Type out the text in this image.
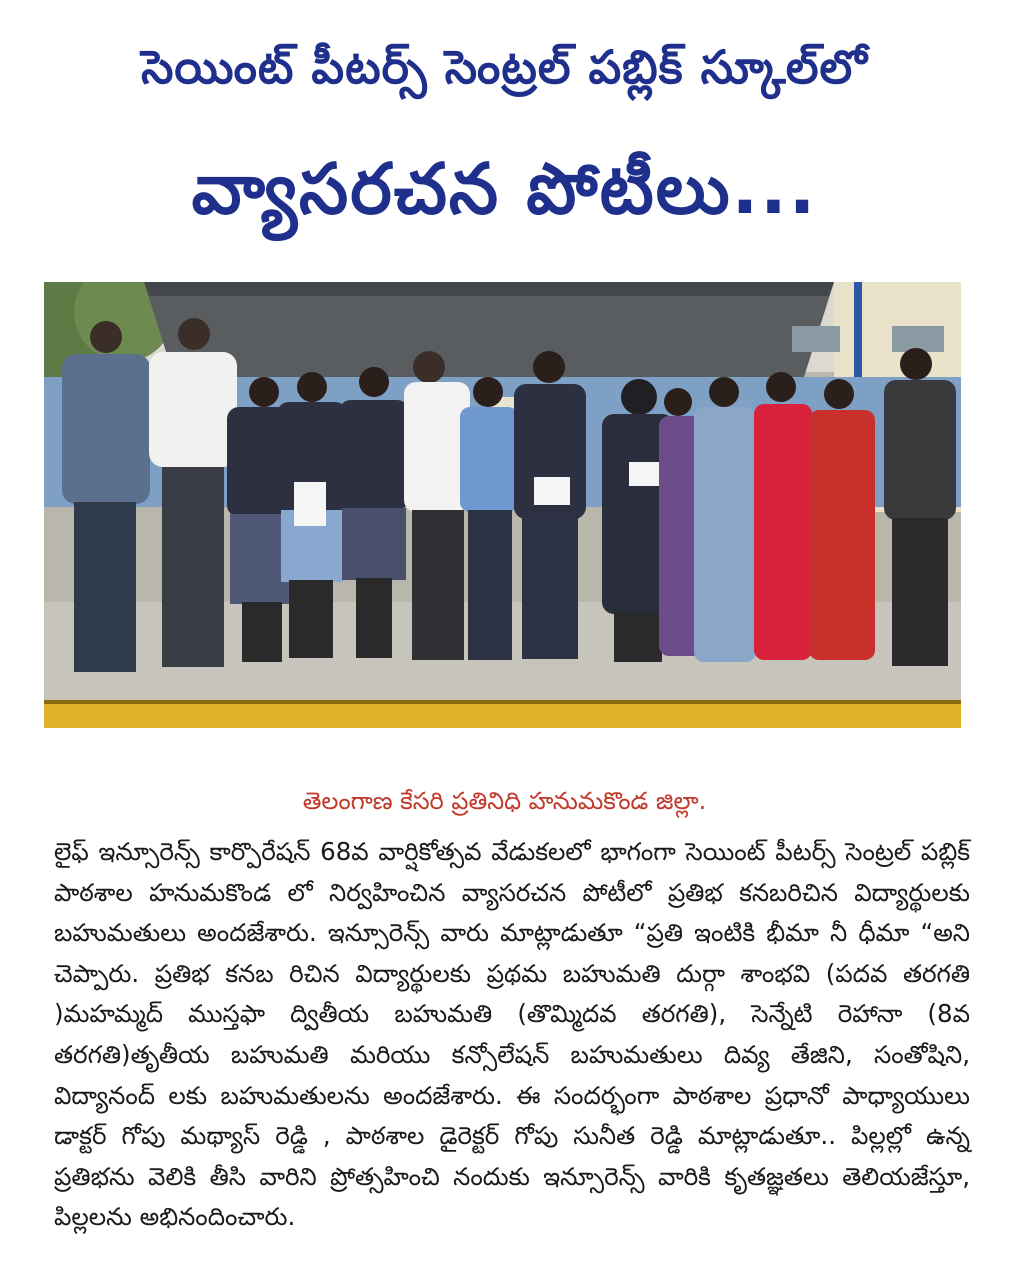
సెయింట్ పీటర్స్ సెంట్రల్ పబ్లిక్ స్కూల్‌లో
వ్యాసరచన పోటీలు...
తెలంగాణ కేసరి ప్రతినిధి హనుమకొండ జిల్లా.

లైఫ్ ఇన్సూరెన్స్ కార్పొరేషన్ 68వ వార్షికోత్సవ వేడుకలలో భాగంగా సెయింట్ పీటర్స్ సెంట్రల్ పబ్లిక్ పాఠశాల హనుమకొండ లో నిర్వహించిన వ్యాసరచన పోటీలో ప్రతిభ కనబరిచిన విద్యార్థులకు బహుమతులు అందజేశారు. ఇన్సూరెన్స్ వారు మాట్లాడుతూ “ప్రతి ఇంటికి భీమా నీ ధీమా “అని చెప్పారు. ప్రతిభ కనబ రిచిన విద్యార్థులకు ప్రథమ బహుమతి దుర్గా శాంభవి (పదవ తరగతి )మహమ్మద్ ముస్తఫా ద్వితీయ బహుమతి (తొమ్మిదవ తరగతి), సెన్నేటి రెహానా (8వ తరగతి)తృతీయ బహుమతి మరియు కన్సోలేషన్ బహుమతులు దివ్య తేజిని, సంతోషిని, విద్యానంద్ లకు బహుమతులను అందజేశారు. ఈ సందర్భంగా పాఠశాల ప్రధానో పాధ్యాయులు డాక్టర్ గోపు మథ్యాస్ రెడ్డి , పాఠశాల డైరెక్టర్ గోపు సునీత రెడ్డి మాట్లాడుతూ.. పిల్లల్లో ఉన్న ప్రతిభను వెలికి తీసి వారిని ప్రోత్సహించి నందుకు ఇన్సూరెన్స్ వారికి కృతజ్ఞతలు తెలియజేస్తూ, పిల్లలను అభినందించారు.
